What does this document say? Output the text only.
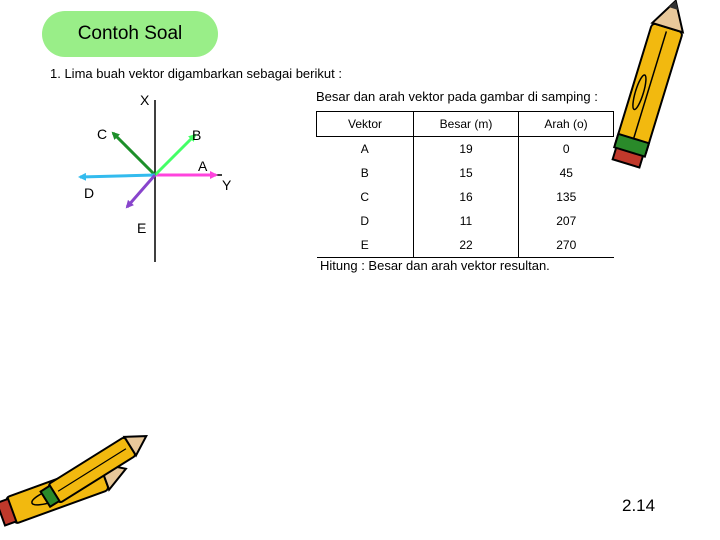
Contoh Soal
1. Lima buah vektor digambarkan sebagai berikut :
X
Y
A
B
C
D
E
Besar dan arah vektor pada gambar di samping :
Vektor	Besar (m)	Arah (o)
A	19	0
B	15	45
C	16	135
D	11	207
E	22	270
Hitung : Besar dan arah vektor resultan.
2.14
